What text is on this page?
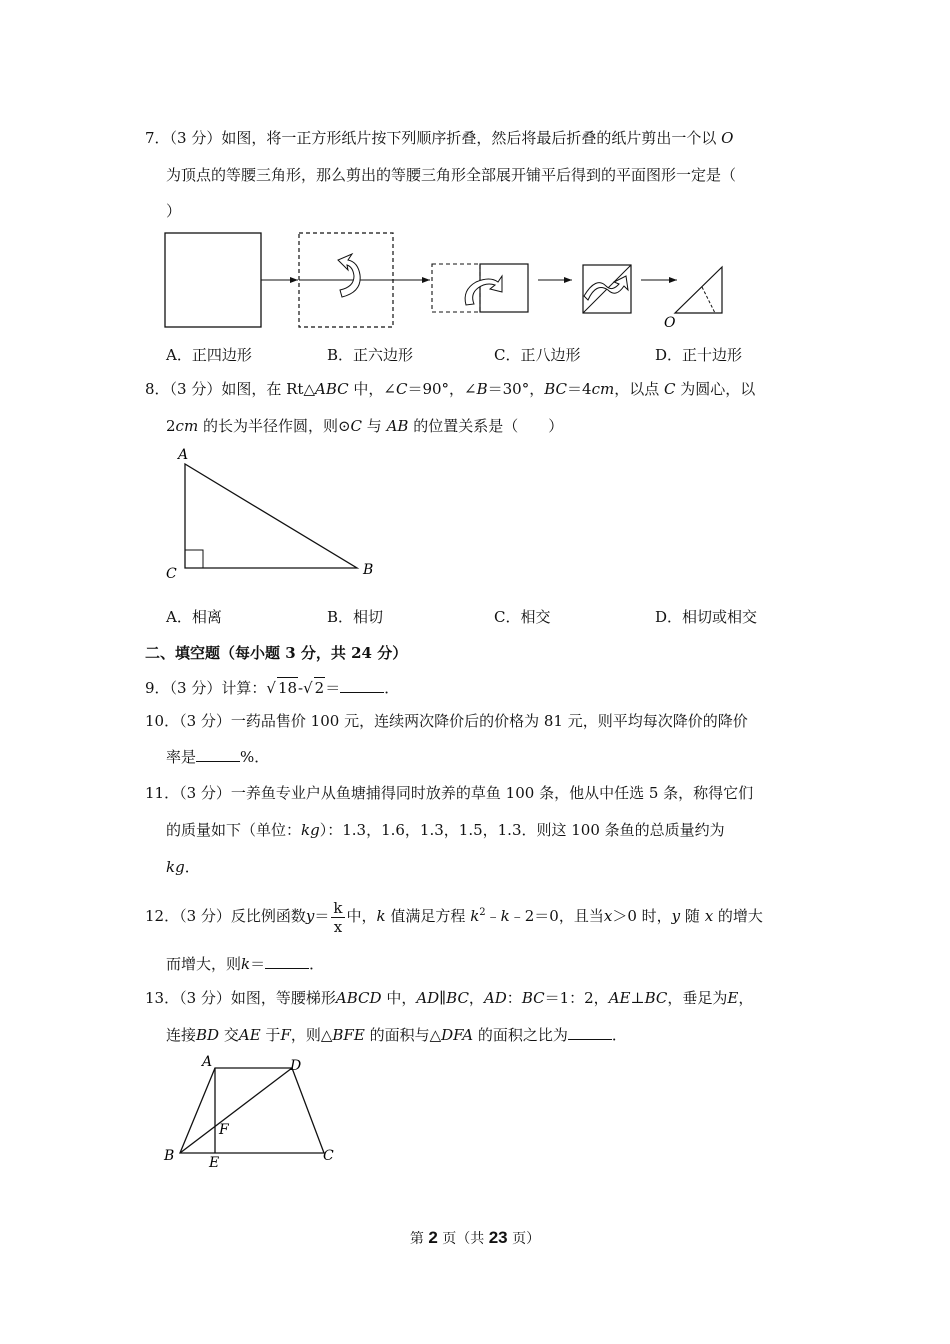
7．（3 分）如图，将一正方形纸片按下列顺序折叠，然后将最后折叠的纸片剪出一个以 O
为顶点的等腰三角形，那么剪出的等腰三角形全部展开铺平后得到的平面图形一定是（
）
O
A．正四边形	B．正六边形	C．正八边形	D．正十边形
8．（3 分）如图，在 Rt△ABC 中，∠C＝90°，∠B＝30°，BC＝4cm，以点 C 为圆心，以
2cm 的长为半径作圆，则⊙C 与 AB 的位置关系是（　　）
A
C	B
A．相离	B．相切	C．相交	D．相切或相交
二、填空题（每小题 3 分，共 24 分）
9．（3 分）计算：√ 18-√ 2＝	．
10．（3 分）一药品售价 100 元，连续两次降价后的价格为 81 元，则平均每次降价的降价
率是	%．
11．（3 分）一养鱼专业户从鱼塘捕得同时放养的草鱼 100 条，他从中任选 5 条，称得它们
的质量如下（单位：kg）：1.3，1.6，1.3，1.5，1.3．则这 100 条鱼的总质量约为
kg．
12．（3 分）反比例函数$y= \frac{k}{x}$ 中，k 值满足方程 $k^2﹣k﹣2=0$，且当x＞0 时，y 随 x 的增大
而增大，则k＝	．
13．（3 分）如图，等腰梯形ABCD 中，AD∥BC，AD：BC＝1：2，AE⊥BC，垂足为E，
连接BD 交AE 于F，则△BFE 的面积与△DFA 的面积之比为	．
A	D
F
B E	C
第 2 页（共 23 页）
